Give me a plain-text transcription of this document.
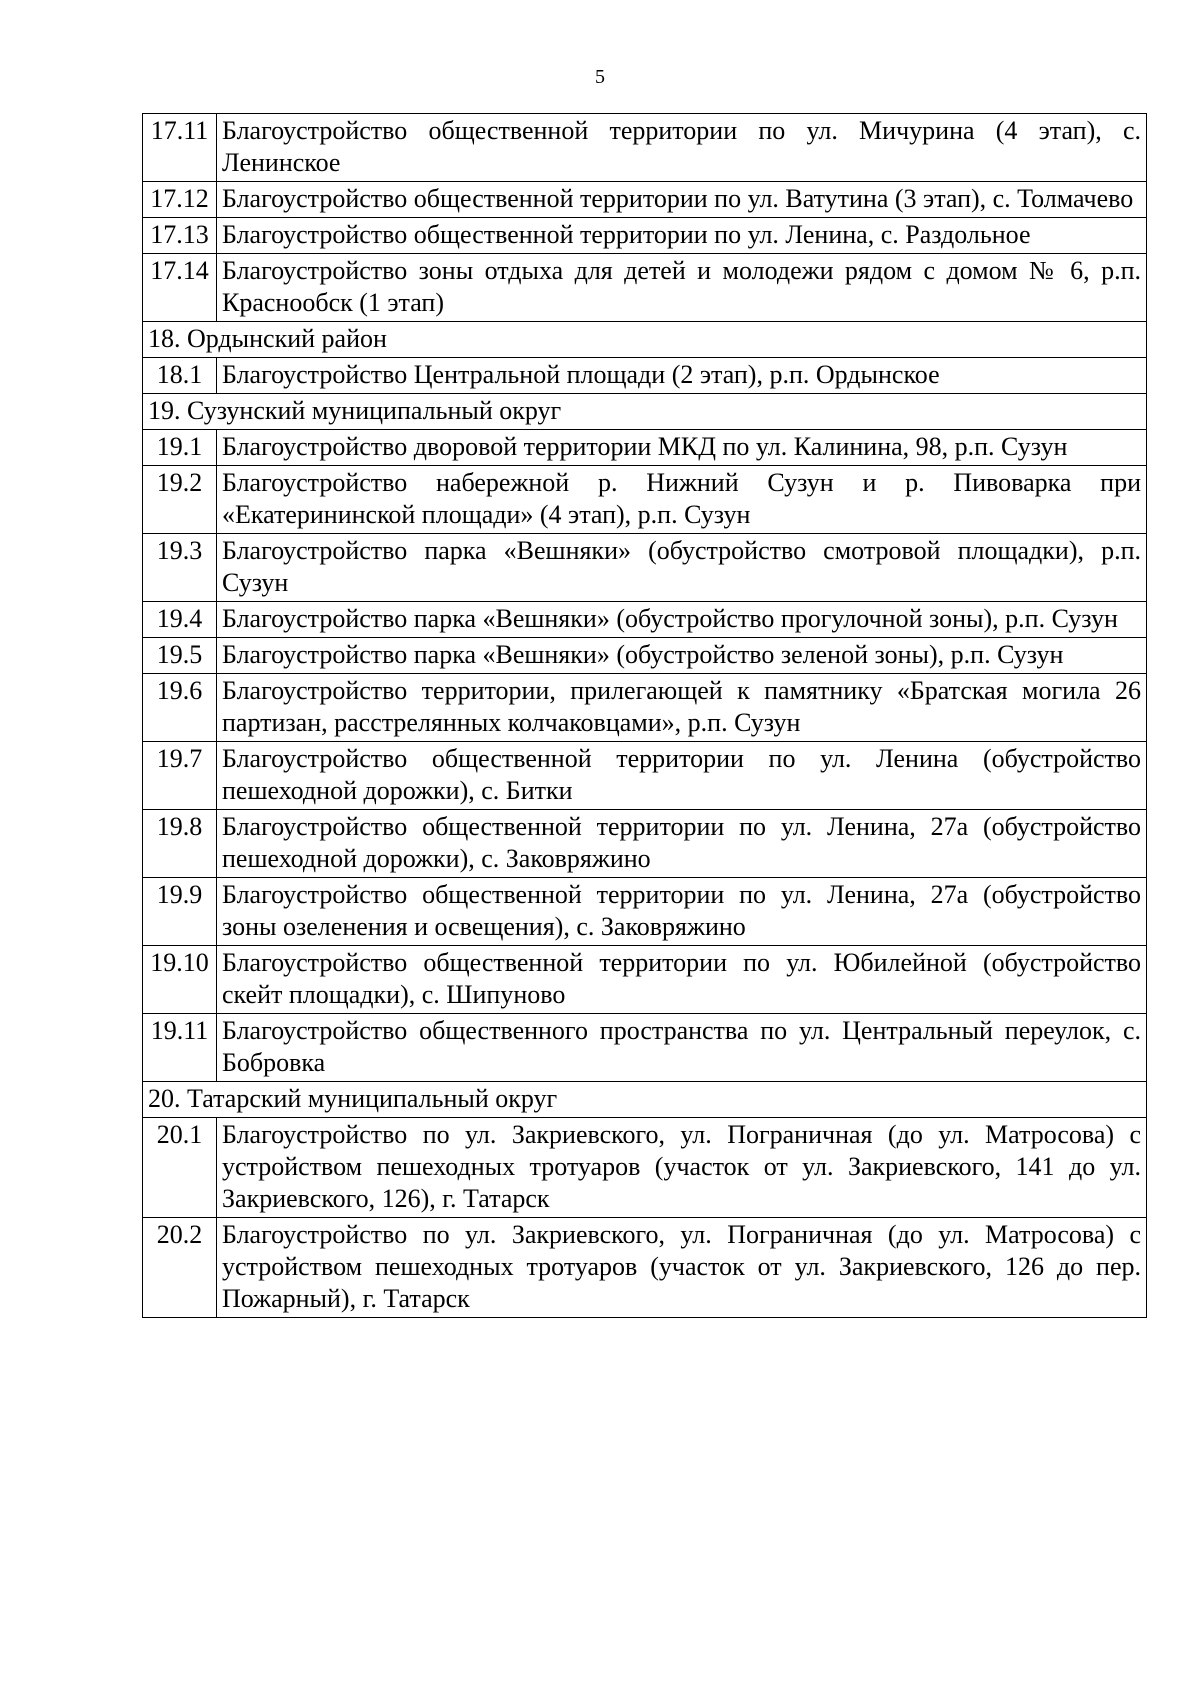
5
17.11	Благоустройство общественной территории по ул. Мичурина (4 этап), с. Ленинское
17.12	Благоустройство общественной территории по ул. Ватутина (3 этап), с. Толмачево
17.13	Благоустройство общественной территории по ул. Ленина, с. Раздольное
17.14	Благоустройство зоны отдыха для детей и молодежи рядом с домом № 6, р.п. Краснообск (1 этап)
18. Ордынский район	
18.1	Благоустройство Центральной площади (2 этап), р.п. Ордынское
19. Сузунский муниципальный округ	
19.1	Благоустройство дворовой территории МКД по ул. Калинина, 98, р.п. Сузун
19.2	Благоустройство набережной р. Нижний Сузун и р. Пивоварка при «Екатерининской площади» (4 этап), р.п. Сузун
19.3	Благоустройство парка «Вешняки» (обустройство смотровой площадки), р.п. Сузун
19.4	Благоустройство парка «Вешняки» (обустройство прогулочной зоны), р.п. Сузун
19.5	Благоустройство парка «Вешняки» (обустройство зеленой зоны), р.п. Сузун
19.6	Благоустройство территории, прилегающей к памятнику «Братская могила 26 партизан, расстрелянных колчаковцами», р.п. Сузун
19.7	Благоустройство общественной территории по ул. Ленина (обустройство пешеходной дорожки), с. Битки
19.8	Благоустройство общественной территории по ул. Ленина, 27а (обустройство пешеходной дорожки), с. Заковряжино
19.9	Благоустройство общественной территории по ул. Ленина, 27а (обустройство зоны озеленения и освещения), с. Заковряжино
19.10	Благоустройство общественной территории по ул. Юбилейной (обустройство скейт площадки), с. Шипуново
19.11	Благоустройство общественного пространства по ул. Центральный переулок, с. Бобровка
20. Татарский муниципальный округ	
20.1	Благоустройство по ул. Закриевского, ул. Пограничная (до ул. Матросова) с устройством пешеходных тротуаров (участок от ул. Закриевского, 141 до ул. Закриевского, 126), г. Татарск
20.2	Благоустройство по ул. Закриевского, ул. Пограничная (до ул. Матросова) с устройством пешеходных тротуаров (участок от ул. Закриевского, 126 до пер. Пожарный), г. Татарск
